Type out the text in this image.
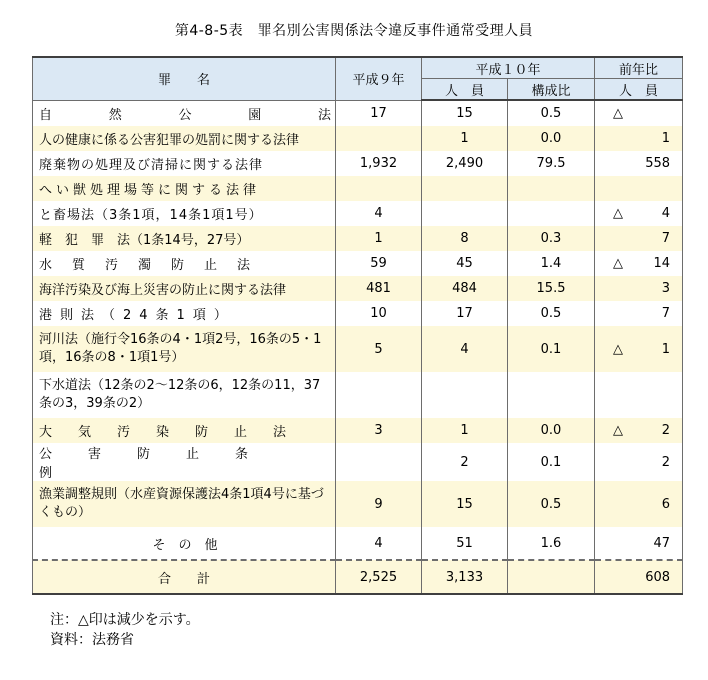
第4-8-5表　罪名別公害関係法令違反事件通常受理人員
罪　　名	平成９年	平成１０年		前年比
		人　員	構成比	人　員

自 然 公 園 法	17	15	0.5	△

人の健康に係る公害犯罪の処罰に関する法律		1	0.0	1

廃棄物の処理及び清掃に関する法律	1,932	2,490	79.5	558

へい獣処理場等に関する法律				

と畜場法（3条1項，14条1項1号）	4			△ 4

軽　犯　罪　法（1条14号，27号）	1	8	0.3	7

水質汚濁防止法	59	45	1.4	△ 14

海洋汚染及び海上災害の防止に関する法律	481	484	15.5	3

港則法（24条1項）	10	17	0.5	7

河川法（施行令16条の4・1項2号，16条の5・1項，16条の8・1項1号）	5	4	0.1	△ 1

下水道法（12条の2～12条の6，12条の11，37条の3，39条の2）				

大気汚染防止法	3	1	0.0	△ 2

公害防止条例		2	0.1	2

漁業調整規則（水産資源保護法4条1項4号に基づくもの）	9	15	0.5	6

そ　の　他	4	51	1.6	47

合　　計	2,525	3,133		608
注：△印は減少を示す。
資料：法務省
